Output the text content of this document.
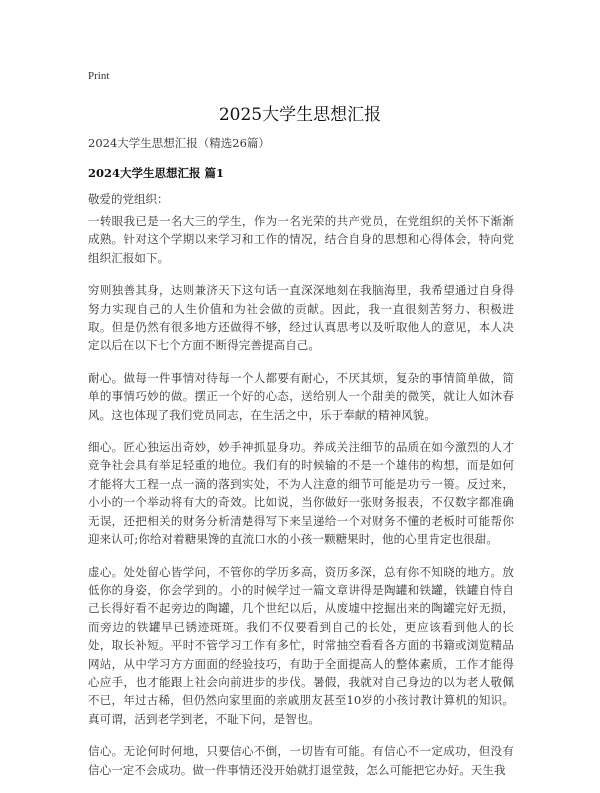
Print
2025大学生思想汇报
2024大学生思想汇报（精选26篇）
2024大学生思想汇报 篇1
敬爱的党组织：

一转眼我已是一名大三的学生，作为一名光荣的共产党员，在党组织的关怀下渐渐成熟。针对这个学期以来学习和工作的情况，结合自身的思想和心得体会，特向党组织汇报如下。

穷则独善其身，达则兼济天下这句话一直深深地刻在我脑海里，我希望通过自身得努力实现自己的人生价值和为社会做的贡献。因此，我一直很刻苦努力、积极进取。但是仍然有很多地方还做得不够，经过认真思考以及听取他人的意见，本人决定以后在以下七个方面不断得完善提高自己。

耐心。做每一件事情对待每一个人都要有耐心，不厌其烦，复杂的事情简单做，简单的事情巧妙的做。摆正一个好的心态，送给别人一个甜美的微笑，就让人如沐春风。这也体现了我们党员同志，在生活之中，乐于奉献的精神风貌。

细心。匠心独运出奇妙，妙手神抓显身功。养成关注细节的品质在如今激烈的人才竞争社会具有举足轻重的地位。我们有的时候输的不是一个雄伟的构想，而是如何才能将大工程一点一滴的落到实处，不为人注意的细节可能是功亏一篑。反过来，小小的一个举动将有大的奇效。比如说，当你做好一张财务报表，不仅数字都准确无误，还把相关的财务分析清楚得写下来呈递给一个对财务不懂的老板时可能帮你迎来认可;你给对着糖果馋的直流口水的小孩一颗糖果时，他的心里肯定也很甜。

虚心。处处留心皆学问，不管你的学历多高，资历多深，总有你不知晓的地方。放低你的身姿，你会学到的。小的时候学过一篇文章讲得是陶罐和铁罐，铁罐自恃自己长得好看不起旁边的陶罐，几个世纪以后，从废墟中挖掘出来的陶罐完好无损，而旁边的铁罐早已锈迹斑斑。我们不仅要看到自己的长处，更应该看到他人的长处，取长补短。平时不管学习工作有多忙，时常抽空看看各方面的书籍或浏览精品网站，从中学习方方面面的经验技巧，有助于全面提高人的整体素质，工作才能得心应手，也才能跟上社会向前进步的步伐。暑假，我就对自己身边的以为老人敬佩不已，年过古稀，但仍然向家里面的亲戚朋友甚至10岁的小孩讨教计算机的知识。真可谓，活到老学到老，不耻下问，是智也。

信心。无论何时何地，只要信心不倒，一切皆有可能。有信心不一定成功，但没有信心一定不会成功。做一件事情还没开始就打退堂鼓，怎么可能把它办好。天生我
